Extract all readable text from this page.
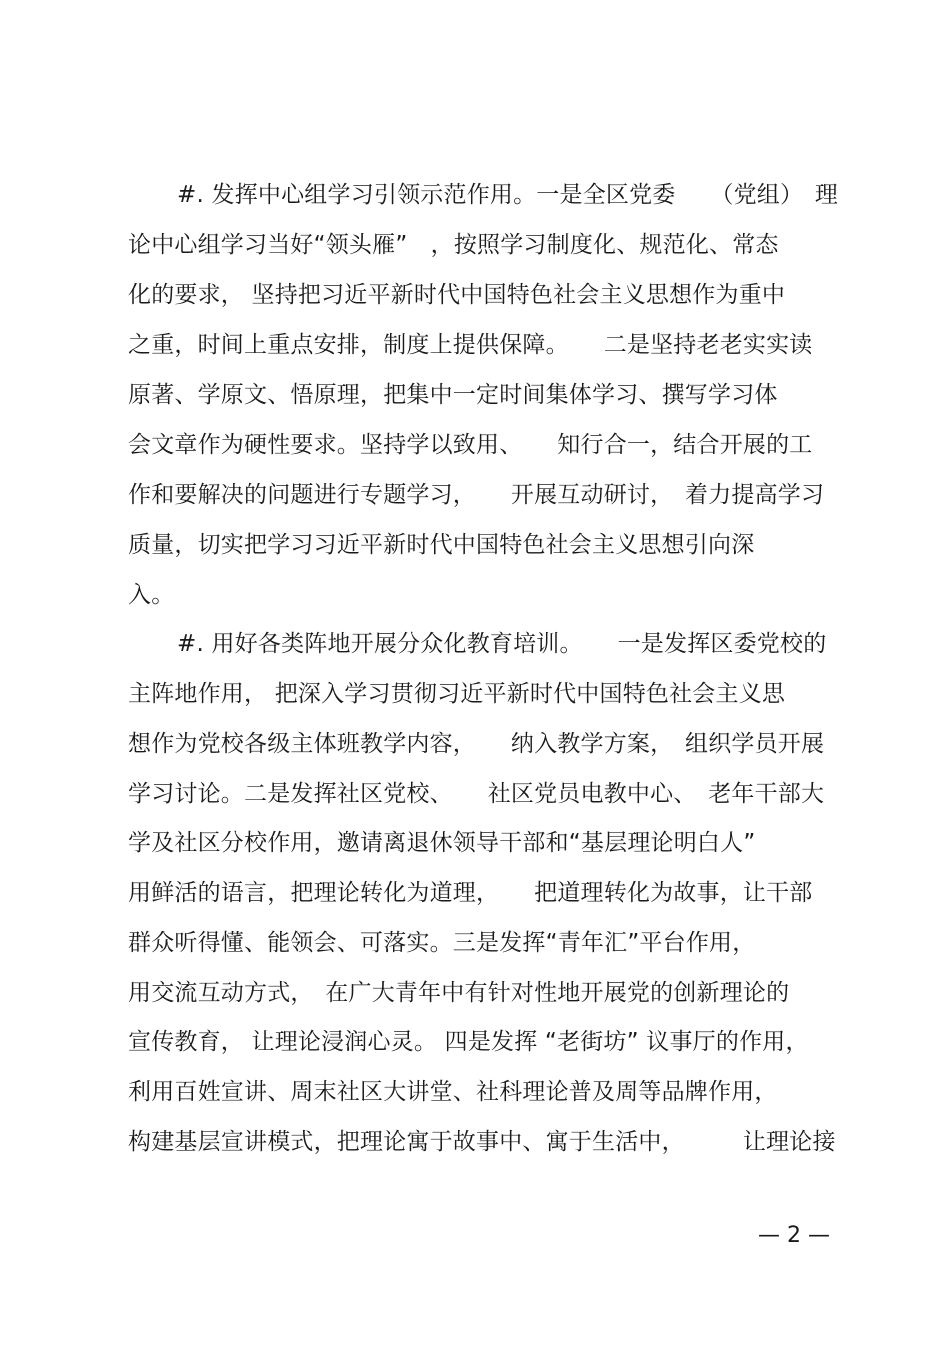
#. 发挥中心组学习引领示范作用。一是全区党委　　（党组）　理
论中心组学习当好“领头雁”　，按照学习制度化、规范化、常态
化的要求， 坚持把习近平新时代中国特色社会主义思想作为重中
之重，时间上重点安排，制度上提供保障。　　二是坚持老老实实读
原著、学原文、悟原理，把集中一定时间集体学习、撰写学习体
会文章作为硬性要求。坚持学以致用、　　知行合一，结合开展的工
作和要解决的问题进行专题学习，　　开展互动研讨，　着力提高学习
质量，切实把学习习近平新时代中国特色社会主义思想引向深
入。
#. 用好各类阵地开展分众化教育培训。　　一是发挥区委党校的
主阵地作用， 把深入学习贯彻习近平新时代中国特色社会主义思
想作为党校各级主体班教学内容，　　纳入教学方案，　组织学员开展
学习讨论。二是发挥社区党校、　　社区党员电教中心、　老年干部大
学及社区分校作用，邀请离退休领导干部和“基层理论明白人”
用鲜活的语言，把理论转化为道理，　　把道理转化为故事，让干部
群众听得懂、能领会、可落实。三是发挥“青年汇”平台作用，
用交流互动方式，　在广大青年中有针对性地开展党的创新理论的
宣传教育， 让理论浸润心灵。 四是发挥 “老街坊” 议事厅的作用，
利用百姓宣讲、周末社区大讲堂、社科理论普及周等品牌作用，
构建基层宣讲模式，把理论寓于故事中、寓于生活中，　　　让理论接
— 2 —
